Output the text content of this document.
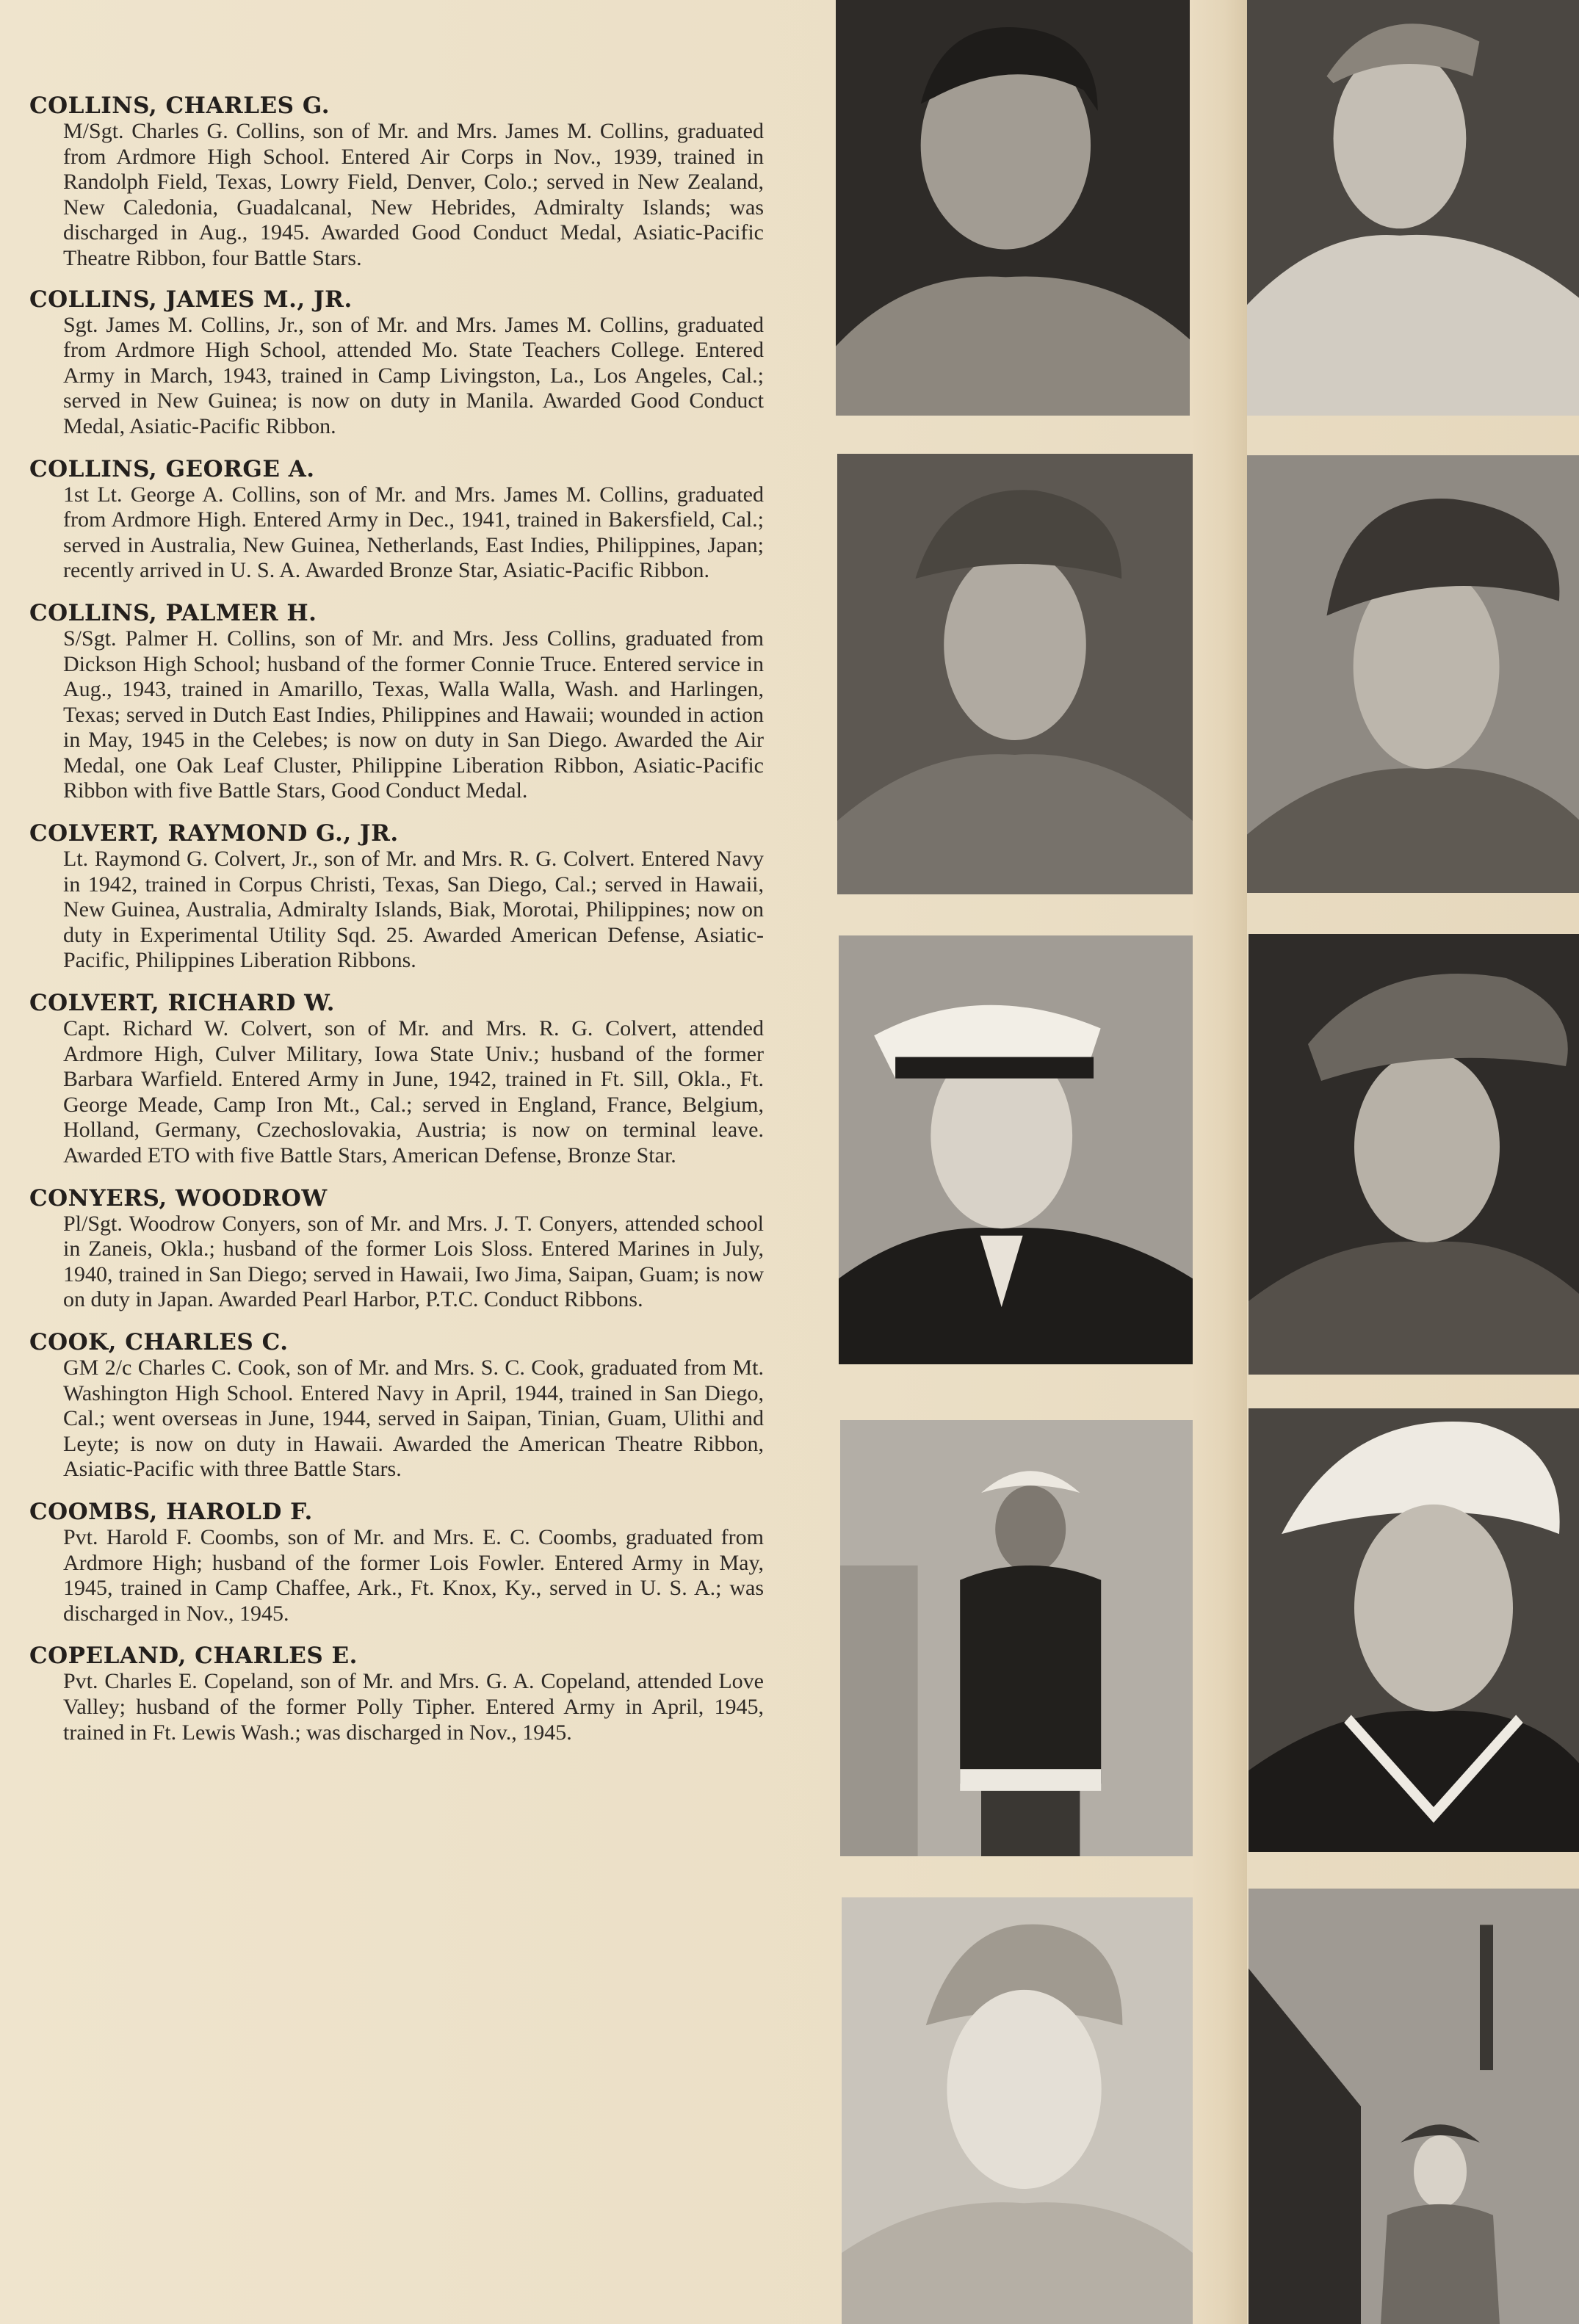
COLLINS, CHARLES G.

M/Sgt. Charles G. Collins, son of Mr. and Mrs. James M. Collins, graduated from Ardmore High School. Entered Air Corps in Nov., 1939, trained in Randolph Field, Texas, Lowry Field, Denver, Colo.; served in New Zealand, New Caledonia, Guadalcanal, New Hebrides, Admiralty Islands; was discharged in Aug., 1945. Awarded Good Conduct Medal, Asiatic-Pacific Theatre Ribbon, four Battle Stars.

COLLINS, JAMES M., JR.

Sgt. James M. Collins, Jr., son of Mr. and Mrs. James M. Collins, graduated from Ardmore High School, attended Mo. State Teachers College. Entered Army in March, 1943, trained in Camp Livingston, La., Los Angeles, Cal.; served in New Guinea; is now on duty in Manila. Awarded Good Conduct Medal, Asiatic-Pacific Ribbon.

COLLINS, GEORGE A.

1st Lt. George A. Collins, son of Mr. and Mrs. James M. Collins, graduated from Ardmore High. Entered Army in Dec., 1941, trained in Bakersfield, Cal.; served in Australia, New Guinea, Netherlands, East Indies, Philippines, Japan; recently arrived in U. S. A. Awarded Bronze Star, Asiatic-Pacific Ribbon.

COLLINS, PALMER H.

S/Sgt. Palmer H. Collins, son of Mr. and Mrs. Jess Collins, graduated from Dickson High School; husband of the former Connie Truce. Entered service in Aug., 1943, trained in Amarillo, Texas, Walla Walla, Wash. and Harlingen, Texas; served in Dutch East Indies, Philippines and Hawaii; wounded in action in May, 1945 in the Celebes; is now on duty in San Diego. Awarded the Air Medal, one Oak Leaf Cluster, Philippine Liberation Ribbon, Asiatic-Pacific Ribbon with five Battle Stars, Good Conduct Medal.

COLVERT, RAYMOND G., JR.

Lt. Raymond G. Colvert, Jr., son of Mr. and Mrs. R. G. Colvert. Entered Navy in 1942, trained in Corpus Christi, Texas, San Diego, Cal.; served in Hawaii, New Guinea, Australia, Admiralty Islands, Biak, Morotai, Philippines; now on duty in Experimental Utility Sqd. 25. Awarded American Defense, Asiatic-Pacific, Philippines Liberation Ribbons.

COLVERT, RICHARD W.

Capt. Richard W. Colvert, son of Mr. and Mrs. R. G. Colvert, attended Ardmore High, Culver Military, Iowa State Univ.; husband of the former Barbara Warfield. Entered Army in June, 1942, trained in Ft. Sill, Okla., Ft. George Meade, Camp Iron Mt., Cal.; served in England, France, Belgium, Holland, Germany, Czechoslovakia, Austria; is now on terminal leave. Awarded ETO with five Battle Stars, American Defense, Bronze Star.

CONYERS, WOODROW

Pl/Sgt. Woodrow Conyers, son of Mr. and Mrs. J. T. Conyers, attended school in Zaneis, Okla.; husband of the former Lois Sloss. Entered Marines in July, 1940, trained in San Diego; served in Hawaii, Iwo Jima, Saipan, Guam; is now on duty in Japan. Awarded Pearl Harbor, P.T.C. Conduct Ribbons.

COOK, CHARLES C.

GM 2/c Charles C. Cook, son of Mr. and Mrs. S. C. Cook, graduated from Mt. Washington High School. Entered Navy in April, 1944, trained in San Diego, Cal.; went overseas in June, 1944, served in Saipan, Tinian, Guam, Ulithi and Leyte; is now on duty in Hawaii. Awarded the American Theatre Ribbon, Asiatic-Pacific with three Battle Stars.

COOMBS, HAROLD F.

Pvt. Harold F. Coombs, son of Mr. and Mrs. E. C. Coombs, graduated from Ardmore High; husband of the former Lois Fowler. Entered Army in May, 1945, trained in Camp Chaffee, Ark., Ft. Knox, Ky., served in U. S. A.; was discharged in Nov., 1945.

COPELAND, CHARLES E.

Pvt. Charles E. Copeland, son of Mr. and Mrs. G. A. Copeland, attended Love Valley; husband of the former Polly Tipher. Entered Army in April, 1945, trained in Ft. Lewis Wash.; was discharged in Nov., 1945.
